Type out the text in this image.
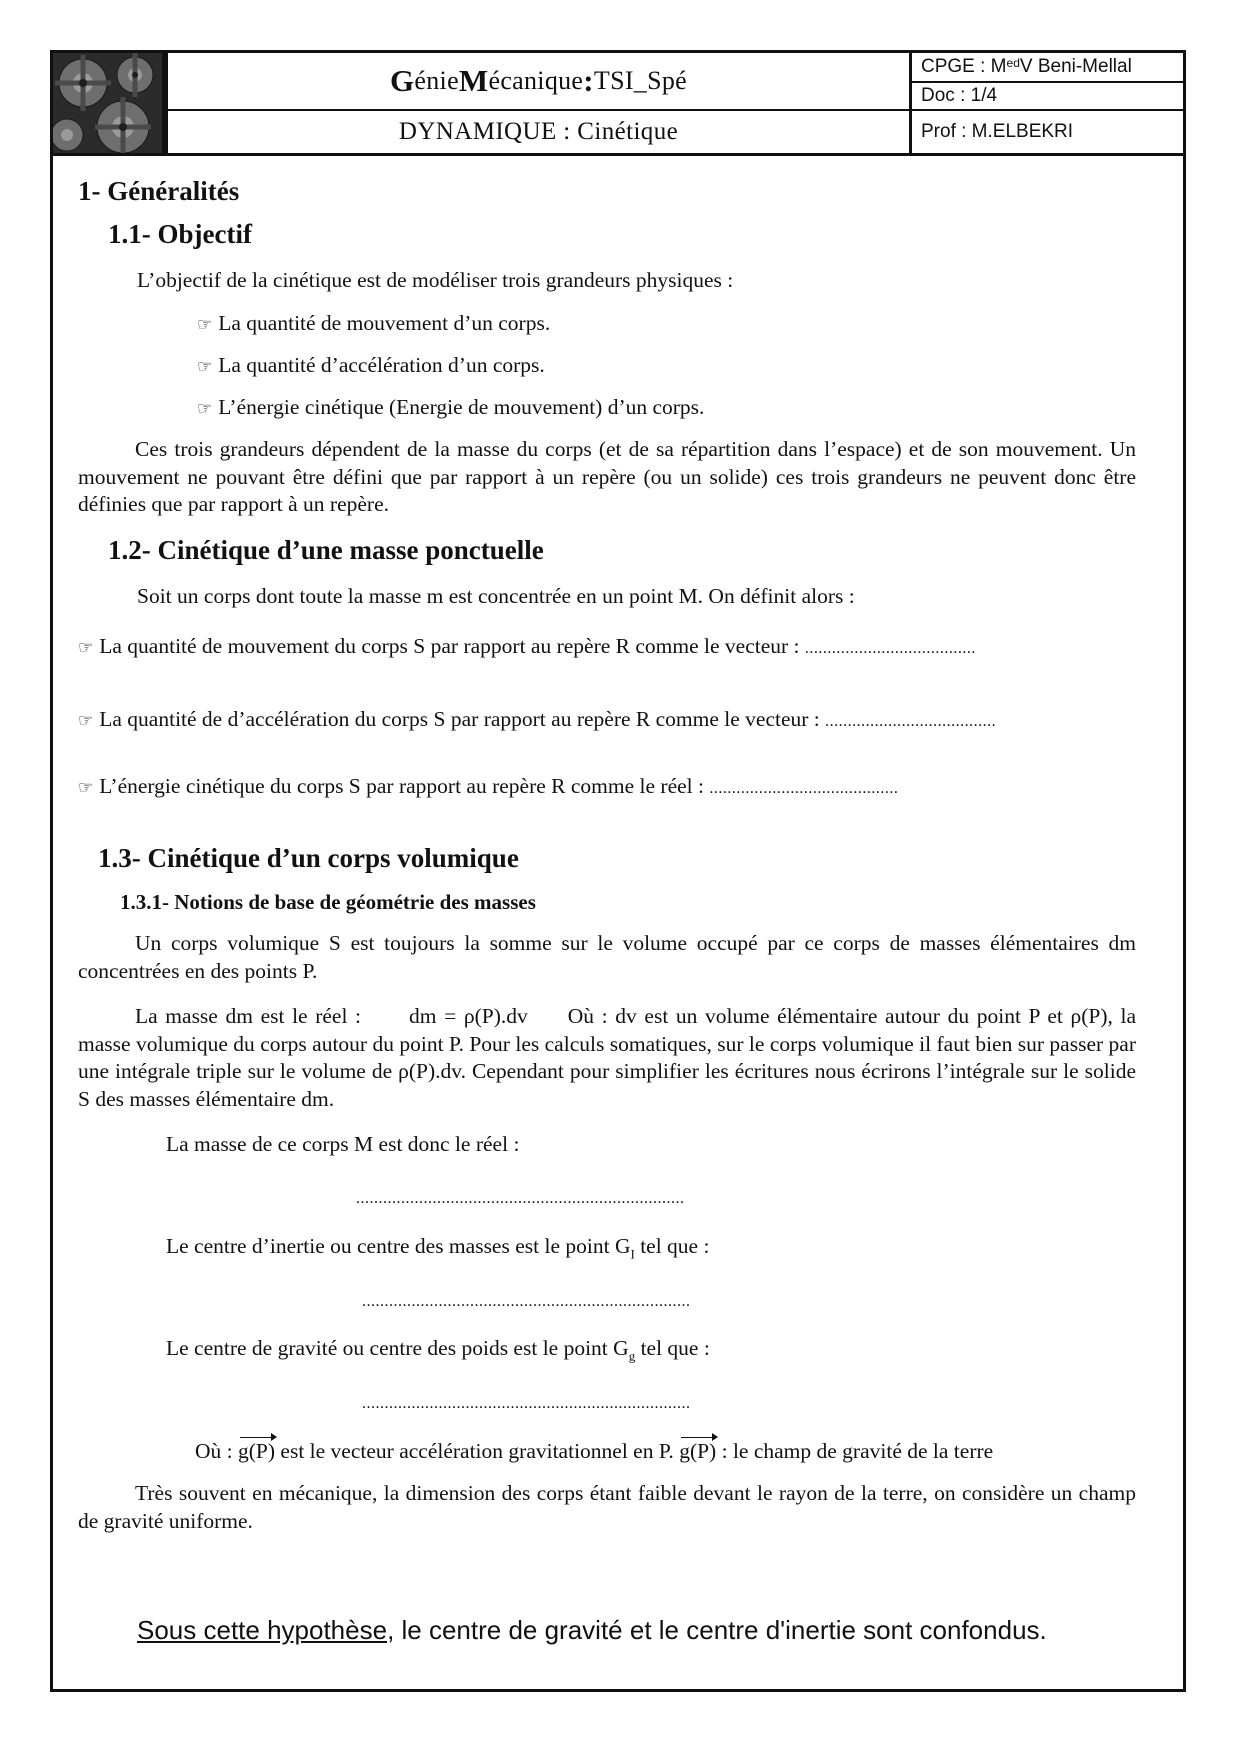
G énie M écanique : TSI_Spé
DYNAMIQUE : Cinétique
CPGE : $M^{ed}$ V Beni-Mellal
Doc : 1/4
Prof : M.ELBEKRI
1- Généralités
1.1- Objectif
L’objectif de la cinétique est de modéliser trois grandeurs physiques :
☞ La quantité de mouvement d’un corps.
☞ La quantité d’accélération d’un corps.
☞ L’énergie cinétique (Energie de mouvement) d’un corps.
Ces trois grandeurs dépendent de la masse du corps (et de sa répartition dans l’espace) et de son mouvement. Un mouvement ne pouvant être défini que par rapport à un repère (ou un solide) ces trois grandeurs ne peuvent donc être définies que par rapport à un repère.
1.2- Cinétique d’une masse ponctuelle
Soit un corps dont toute la masse m est concentrée en un point M. On définit alors :
☞ La quantité de mouvement du corps S par rapport au repère R comme le vecteur : ......................................
☞ La quantité de d’accélération du corps S par rapport au repère R comme le vecteur : ......................................
☞ L’énergie cinétique du corps S par rapport au repère R comme le réel : ..........................................
1.3- Cinétique d’un corps volumique
1.3.1- Notions de base de géométrie des masses
Un corps volumique S est toujours la somme sur le volume occupé par ce corps de masses élémentaires dm concentrées en des points P.
La masse dm est le réel : dm = ρ(P).dv Où : dv est un volume élémentaire autour du point P et ρ(P), la masse volumique du corps autour du point P. Pour les calculs somatiques, sur le corps volumique il faut bien sur passer par une intégrale triple sur le volume de ρ(P).dv. Cependant pour simplifier les écritures nous écrirons l’intégrale sur le solide S des masses élémentaire dm.
La masse de ce corps M est donc le réel :
.........................................................................
Le centre d’inertie ou centre des masses est le point $G_I$ tel que :
.........................................................................
Le centre de gravité ou centre des poids est le point $G_g$ tel que :
.........................................................................
Où : g(P) est le vecteur accélération gravitationnel en P. g(P) : le champ de gravité de la terre
Très souvent en mécanique, la dimension des corps étant faible devant le rayon de la terre, on considère un champ de gravité uniforme.
Sous cette hypothèse, le centre de gravité et le centre d'inertie sont confondus.
